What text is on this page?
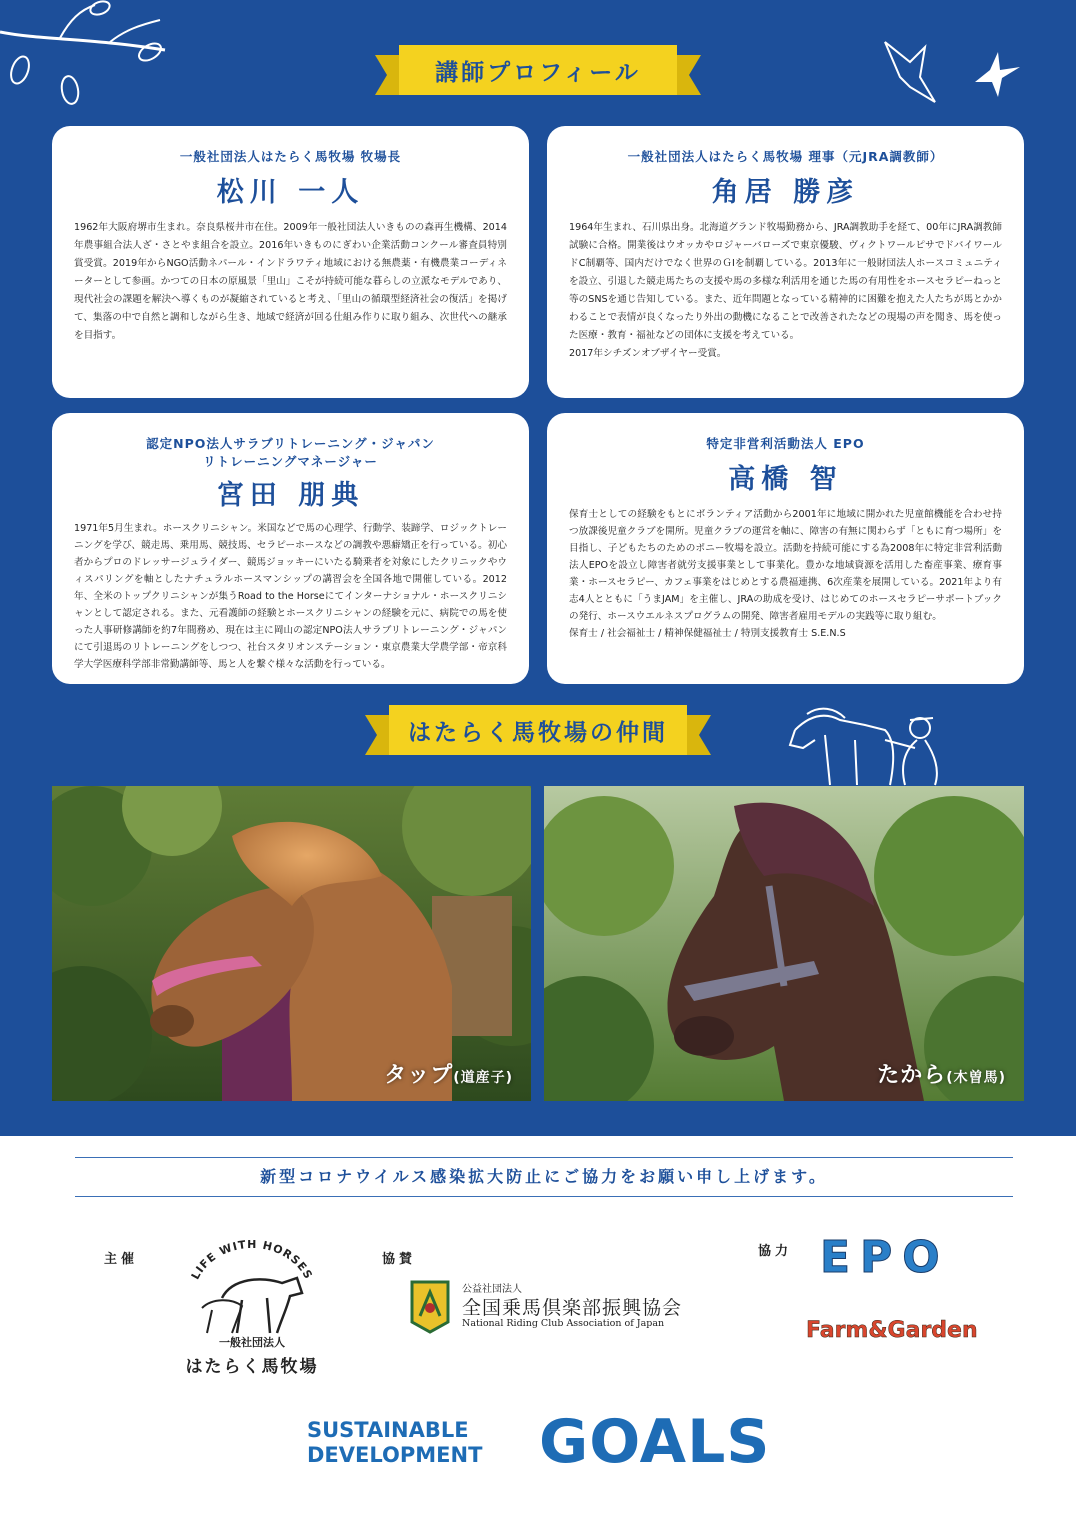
講師プロフィール
一般社団法人はたらく馬牧場 牧場長
松川 一人
1962年大阪府堺市生まれ。奈良県桜井市在住。2009年一般社団法人いきものの森再生機構、2014年農事組合法人ざ・さとやま組合を設立。2016年いきものにぎわい企業活動コンクール審査員特別賞受賞。2019年からNGO活動ネパール・インドラワティ地域における無農薬・有機農業コーディネーターとして参画。かつての日本の原風景「里山」こそが持続可能な暮らしの立派なモデルであり、現代社会の課題を解決へ導くものが凝縮されていると考え、「里山の循環型経済社会の復活」を掲げて、集落の中で自然と調和しながら生き、地域で経済が回る仕組み作りに取り組み、次世代への継承を目指す。
一般社団法人はたらく馬牧場 理事（元JRA調教師）
角居 勝彦
1964年生まれ、石川県出身。北海道グランド牧場勤務から、JRA調教助手を経て、00年にJRA調教師試験に合格。開業後はウオッカやロジャーバローズで東京優駿、ヴィクトワールピサでドバイワールドC制覇等、国内だけでなく世界のＧⅠを制覇している。2013年に一般財団法人ホースコミュニティを設立、引退した競走馬たちの支援や馬の多様な利活用を通じた馬の有用性をホースセラピーねっと等のSNSを通じ告知している。また、近年問題となっている精神的に困難を抱えた人たちが馬とかかわることで表情が良くなったり外出の動機になることで改善されたなどの現場の声を聞き、馬を使った医療・教育・福祉などの団体に支援を考えている。
2017年シチズンオブザイヤー受賞。
認定NPO法人サラブリトレーニング・ジャパン
リトレーニングマネージャー
宮田 朋典
1971年5月生まれ。ホースクリニシャン。米国などで馬の心理学、行動学、装蹄学、ロジックトレーニングを学び、競走馬、乗用馬、競技馬、セラピーホースなどの調教や悪癖矯正を行っている。初心者からプロのドレッサージュライダー、競馬ジョッキーにいたる騎乗者を対象にしたクリニックやウィスパリングを軸としたナチュラルホースマンシップの講習会を全国各地で開催している。2012年、全米のトップクリニシャンが集うRoad to the Horseにてインターナショナル・ホースクリニシャンとして認定される。また、元看護師の経験とホースクリニシャンの経験を元に、病院での馬を使った人事研修講師を約7年間務め、現在は主に岡山の認定NPO法人サラブリトレーニング・ジャパンにて引退馬のリトレーニングをしつつ、社台スタリオンステーション・東京農業大学農学部・帝京科学大学医療科学部非常勤講師等、馬と人を繋ぐ様々な活動を行っている。
特定非営利活動法人 EPO
高橋 智
保育士としての経験をもとにボランティア活動から2001年に地域に開かれた児童館機能を合わせ持つ放課後児童クラブを開所。児童クラブの運営を軸に、障害の有無に関わらず「ともに育つ場所」を目指し、子どもたちのためのポニー牧場を設立。活動を持続可能にする為2008年に特定非営利活動法人EPOを設立し障害者就労支援事業として事業化。豊かな地域資源を活用した畜産事業、療育事業・ホースセラピー、カフェ事業をはじめとする農福連携、6次産業を展開している。2021年より有志4人とともに「うまJAM」を主催し、JRAの助成を受け、はじめてのホースセラピーサポートブックの発行、ホースウエルネスプログラムの開発、障害者雇用モデルの実践等に取り組む。
保育士 / 社会福祉士 / 精神保健福祉士 / 特別支援教育士 S.E.N.S
はたらく馬牧場の仲間
タップ(道産子)	たから(木曽馬)
新型コロナウイルス感染拡大防止にご協力をお願い申し上げます。
主催
LIFE WITH HORSES
一般社団法人
はたらく馬牧場
協賛
公益社団法人
全国乗馬倶楽部振興協会
National Riding Club Association of Japan
協力 EPO
Farm&Garden
SUSTAINABLE
DEVELOPMENT GOALS
